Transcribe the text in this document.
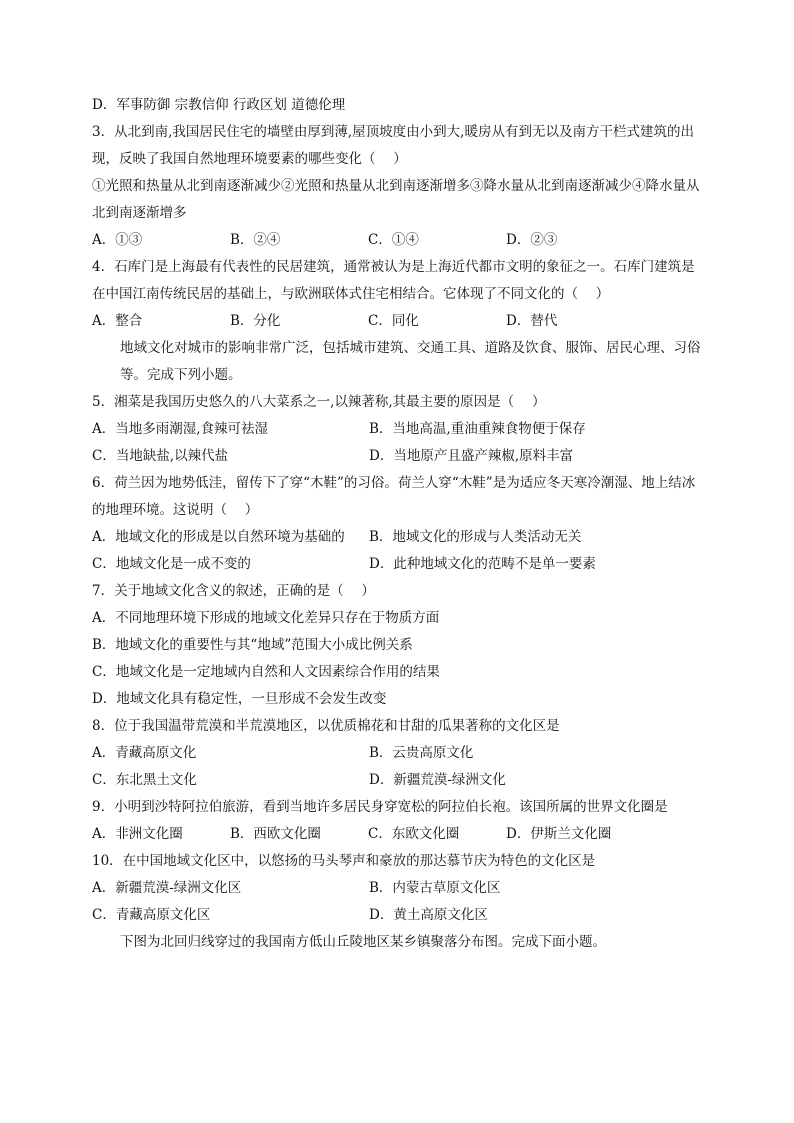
D．军事防御 宗教信仰 行政区划 道德伦理
3．从北到南,我国居民住宅的墙壁由厚到薄,屋顶坡度由小到大,暖房从有到无以及南方干栏式建筑的出现，反映了我国自然地理环境要素的哪些变化（　 ）
①光照和热量从北到南逐渐减少②光照和热量从北到南逐渐增多③降水量从北到南逐渐减少④降水量从北到南逐渐增多
A．①③	B．②④	C．①④	D．②③
4．石库门是上海最有代表性的民居建筑，通常被认为是上海近代都市文明的象征之一。石库门建筑是在中国江南传统民居的基础上，与欧洲联体式住宅相结合。它体现了不同文化的（　 ）
A．整合	B．分化	C．同化	D．替代
地域文化对城市的影响非常广泛，包括城市建筑、交通工具、道路及饮食、服饰、居民心理、习俗等。完成下列小题。
5．湘菜是我国历史悠久的八大菜系之一,以辣著称,其最主要的原因是（　 ）
A．当地多雨潮湿,食辣可祛湿	B．当地高温,重油重辣食物便于保存
C．当地缺盐,以辣代盐	D．当地原产且盛产辣椒,原料丰富
6．荷兰因为地势低洼，留传下了穿“木鞋”的习俗。荷兰人穿“木鞋”是为适应冬天寒冷潮湿、地上结冰的地理环境。这说明（　 ）
A．地域文化的形成是以自然环境为基础的	B．地域文化的形成与人类活动无关
C．地域文化是一成不变的	D．此种地域文化的范畴不是单一要素
7．关于地域文化含义的叙述，正确的是（　 ）
A．不同地理环境下形成的地域文化差异只存在于物质方面
B．地域文化的重要性与其“地域”范围大小成比例关系
C．地域文化是一定地域内自然和人文因素综合作用的结果
D．地域文化具有稳定性，一旦形成不会发生改变
8．位于我国温带荒漠和半荒漠地区，以优质棉花和甘甜的瓜果著称的文化区是
A．青藏高原文化	B．云贵高原文化
C．东北黑土文化	D．新疆荒漠-绿洲文化
9．小明到沙特阿拉伯旅游，看到当地许多居民身穿宽松的阿拉伯长袍。该国所属的世界文化圈是
A．非洲文化圈	B．西欧文化圈	C．东欧文化圈	D．伊斯兰文化圈
10．在中国地域文化区中，以悠扬的马头琴声和豪放的那达慕节庆为特色的文化区是
A．新疆荒漠-绿洲文化区	B．内蒙古草原文化区
C．青藏高原文化区	D．黄土高原文化区
下图为北回归线穿过的我国南方低山丘陵地区某乡镇聚落分布图。完成下面小题。
